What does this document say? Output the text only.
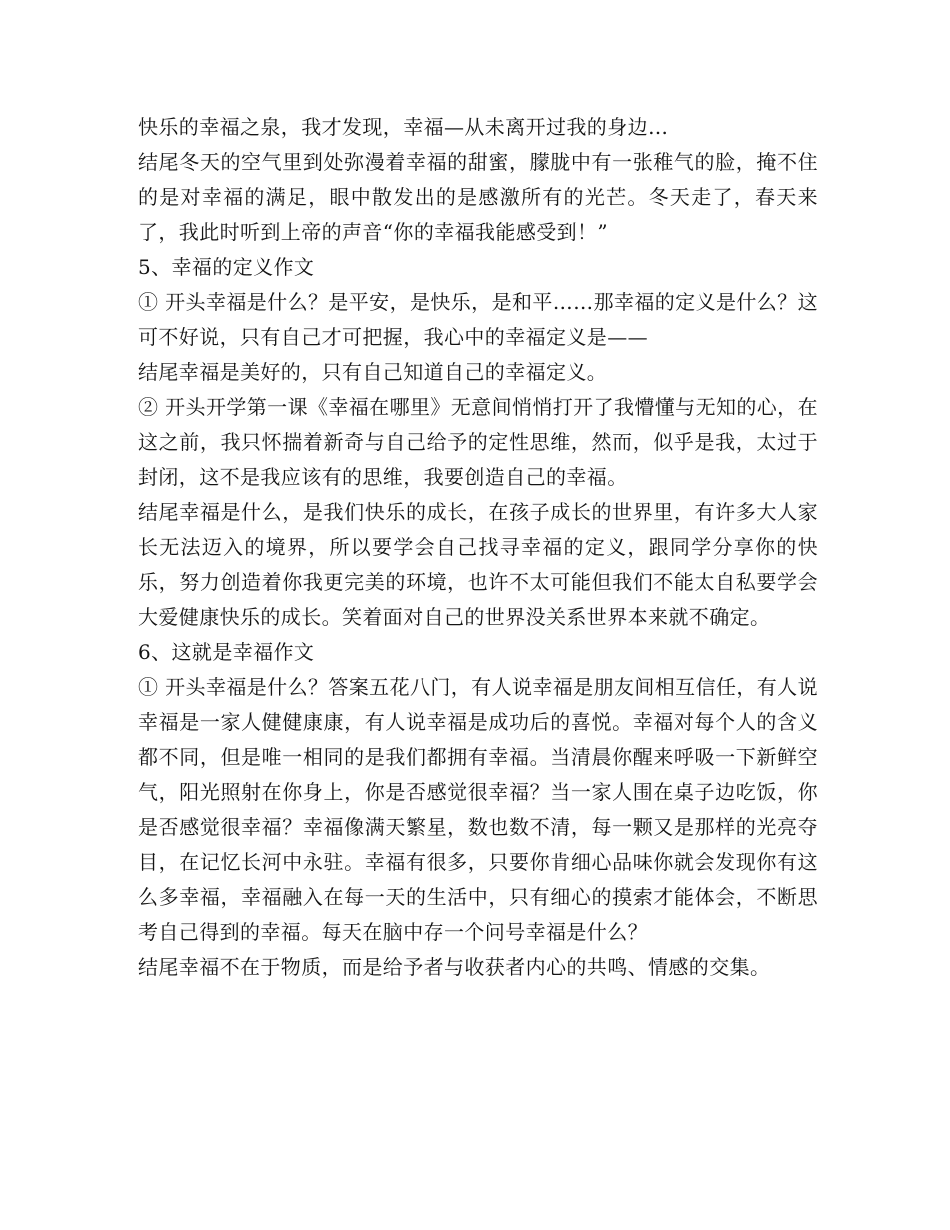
快乐的幸福之泉，我才发现，幸福—从未离开过我的身边…

结尾冬天的空气里到处弥漫着幸福的甜蜜，朦胧中有一张稚气的脸，掩不住的是对幸福的满足，眼中散发出的是感激所有的光芒。冬天走了，春天来了，我此时听到上帝的声音“你的幸福我能感受到！”

5、幸福的定义作文

① 开头幸福是什么？是平安，是快乐，是和平……那幸福的定义是什么？这可不好说，只有自己才可把握，我心中的幸福定义是——

结尾幸福是美好的，只有自己知道自己的幸福定义。

② 开头开学第一课《幸福在哪里》无意间悄悄打开了我懵懂与无知的心，在这之前，我只怀揣着新奇与自己给予的定性思维，然而，似乎是我，太过于封闭，这不是我应该有的思维，我要创造自己的幸福。

结尾幸福是什么，是我们快乐的成长，在孩子成长的世界里，有许多大人家长无法迈入的境界，所以要学会自己找寻幸福的定义，跟同学分享你的快乐，努力创造着你我更完美的环境，也许不太可能但我们不能太自私要学会大爱健康快乐的成长。笑着面对自己的世界没关系世界本来就不确定。

6、这就是幸福作文

① 开头幸福是什么？答案五花八门，有人说幸福是朋友间相互信任，有人说幸福是一家人健健康康，有人说幸福是成功后的喜悦。幸福对每个人的含义都不同，但是唯一相同的是我们都拥有幸福。当清晨你醒来呼吸一下新鲜空气，阳光照射在你身上，你是否感觉很幸福？当一家人围在桌子边吃饭，你是否感觉很幸福？幸福像满天繁星，数也数不清，每一颗又是那样的光亮夺目，在记忆长河中永驻。幸福有很多，只要你肯细心品味你就会发现你有这么多幸福，幸福融入在每一天的生活中，只有细心的摸索才能体会，不断思考自己得到的幸福。每天在脑中存一个问号幸福是什么？

结尾幸福不在于物质，而是给予者与收获者内心的共鸣、情感的交集。
